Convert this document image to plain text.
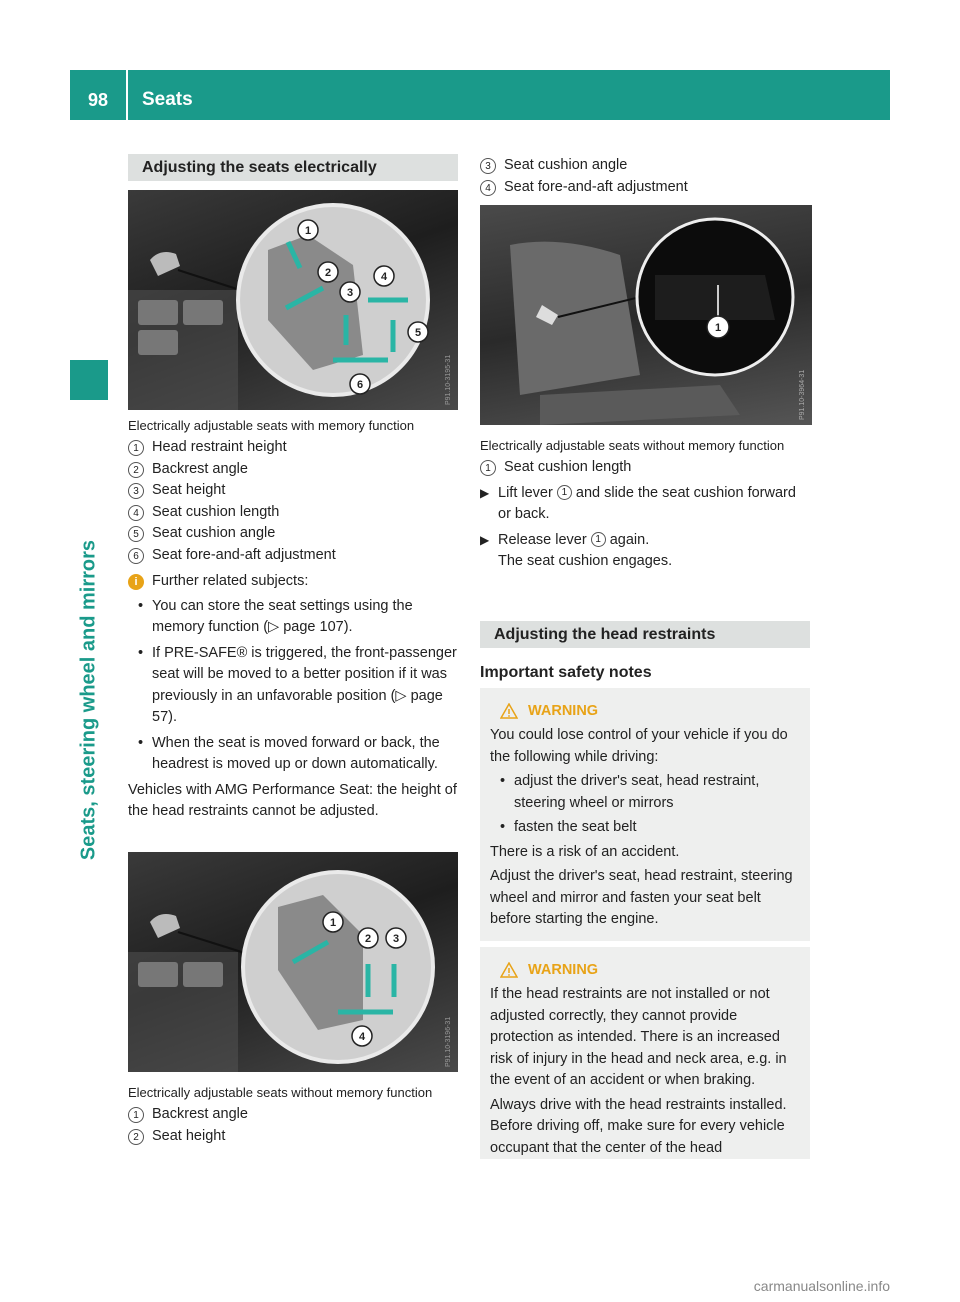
98	Seats
Seats, steering wheel and mirrors
Adjusting the seats electrically
1
2
3
4
5
6	P91.10-3195-31
Electrically adjustable seats with memory function
1 Head restraint height
2 Backrest angle
3 Seat height
4 Seat cushion length
5 Seat cushion angle
6 Seat fore-and-aft adjustment
i Further related subjects:
• You can store the seat settings using the memory function (▷ page 107).
• If PRE-SAFE® is triggered, the front-passenger seat will be moved to a better position if it was previously in an unfavorable position (▷ page 57).
• When the seat is moved forward or back, the headrest is moved up or down automatically.
Vehicles with AMG Performance Seat: the height of the head restraints cannot be adjusted.
1
2 3
4	P91.10-3196-31
Electrically adjustable seats without memory function
1 Backrest angle
2 Seat height
3 Seat cushion angle
4 Seat fore-and-aft adjustment
1
P91.10-3964-31
Electrically adjustable seats without memory function
1 Seat cushion length
▶ Lift lever 1 and slide the seat cushion forward or back.
▶ Release lever 1 again.
The seat cushion engages.
Adjusting the head restraints
Important safety notes
WARNING
You could lose control of your vehicle if you do the following while driving:
• adjust the driver's seat, head restraint, steering wheel or mirrors
• fasten the seat belt
There is a risk of an accident.
Adjust the driver's seat, head restraint, steering wheel and mirror and fasten your seat belt before starting the engine.
WARNING
If the head restraints are not installed or not adjusted correctly, they cannot provide protection as intended. There is an increased risk of injury in the head and neck area, e.g. in the event of an accident or when braking.
Always drive with the head restraints installed. Before driving off, make sure for every vehicle occupant that the center of the head
carmanualsonline.info
